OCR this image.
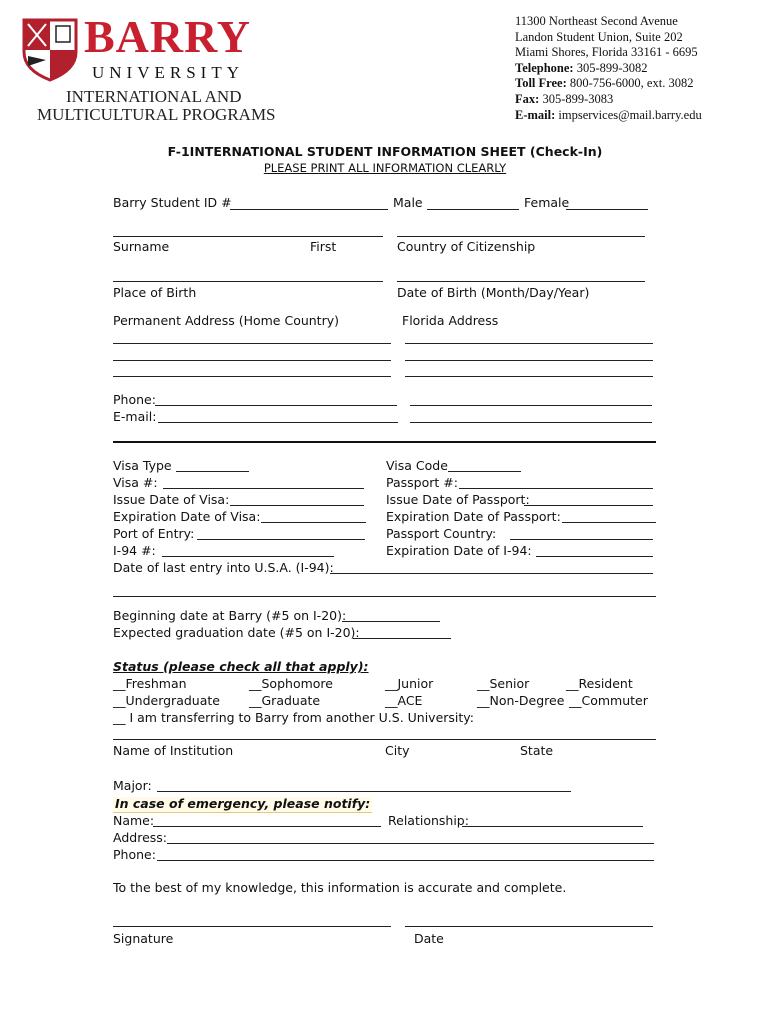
BARRY
UNIVERSITY
INTERNATIONAL AND
MULTICULTURAL PROGRAMS
11300 Northeast Second Avenue
Landon Student Union, Suite 202
Miami Shores, Florida 33161 - 6695
Telephone: 305-899-3082
Toll Free: 800-756-6000, ext. 3082
Fax: 305-899-3083
E-mail: impservices@mail.barry.edu
F-1INTERNATIONAL STUDENT INFORMATION SHEET (Check-In)
PLEASE PRINT ALL INFORMATION CLEARLY
Barry Student ID #	Male	Female
Surname	First	Country of Citizenship
Place of Birth	Date of Birth (Month/Day/Year)
Permanent Address (Home Country)	Florida Address
Phone:
E-mail:
Visa Type	Visa Code
Visa #:	Passport #:
Issue Date of Visa:	Issue Date of Passport:
Expiration Date of Visa:	Expiration Date of Passport:
Port of Entry:	Passport Country:
I-94 #:	Expiration Date of I-94:
Date of last entry into U.S.A. (I-94):
Beginning date at Barry (#5 on I-20):
Expected graduation date (#5 on I-20):
Status (please check all that apply):
__Freshman	__Sophomore	__Junior	__Senior	__Resident
__Undergraduate __Graduate	__ACE	__Non-Degree __Commuter
__ I am transferring to Barry from another U.S. University:
Name of Institution	City	State
Major:
In case of emergency, please notify:
Name:	Relationship:
Address:
Phone:
To the best of my knowledge, this information is accurate and complete.
Signature	Date
